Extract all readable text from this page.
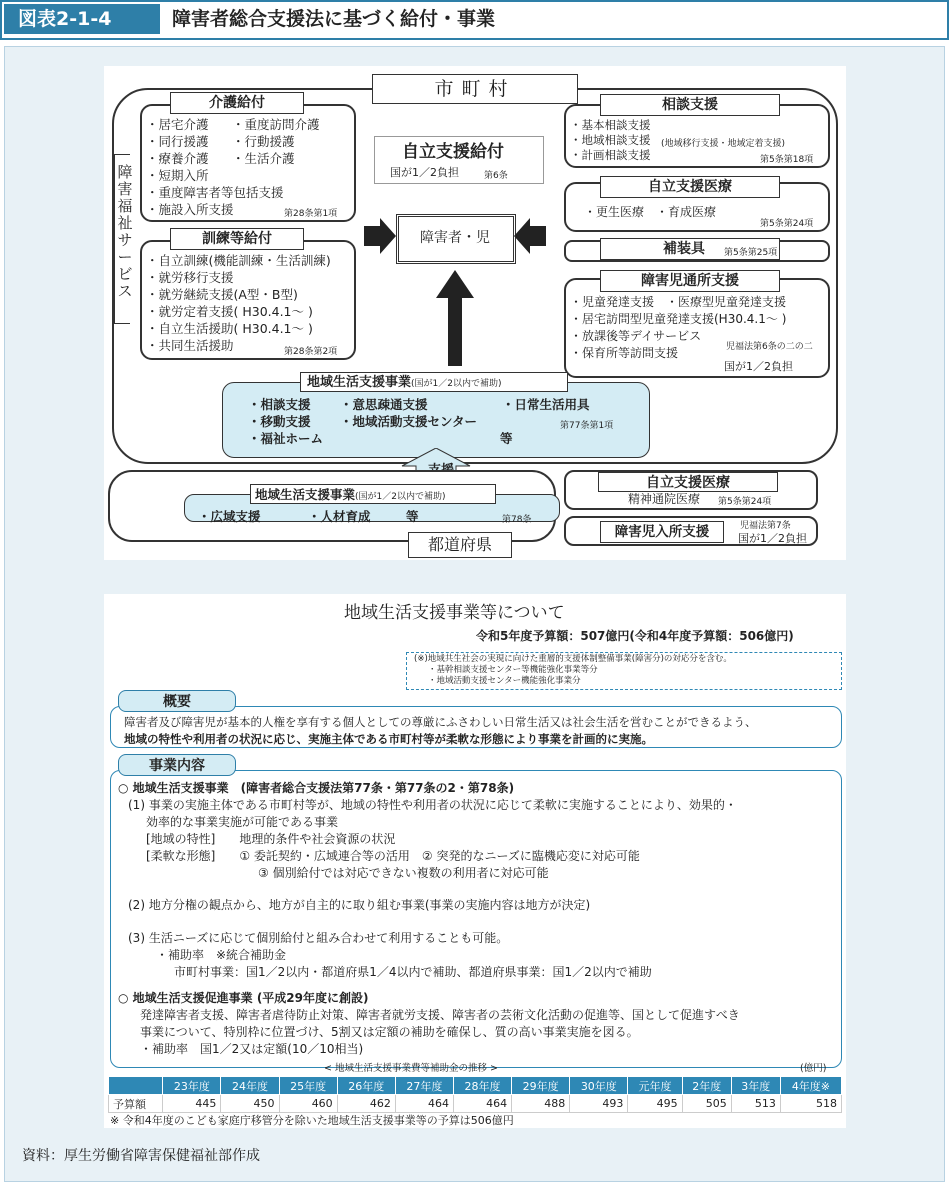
図表2-1-4	障害者総合支援法に基づく給付・事業
市町村
障害福祉サービス
介護給付
・居宅介護
・同行援護
・療養介護
・短期入所
・重度障害者等包括支援
・施設入所支援
・重度訪問介護
・行動援護
・生活介護
第28条第1項
訓練等給付
・自立訓練(機能訓練・生活訓練)
・就労移行支援
・就労継続支援(A型・B型)
・就労定着支援( H30.4.1～ )
・自立生活援助( H30.4.1～ )
・共同生活援助	第28条第2項
自立支援給付
国が1／2負担	第6条
障害者・児
相談支援
・基本相談支援
・地域相談支援 (地域移行支援・地域定着支援)
・計画相談支援	第5条第18項
自立支援医療
・更生医療　・育成医療
第5条第24項
補装具	第5条第25項
障害児通所支援
・児童発達支援　・医療型児童発達支援
・居宅訪問型児童発達支援(H30.4.1～ )
・放課後等デイサービス
・保育所等訪問支援	児福法第6条の二の二
国が1／2負担
地域生活支援事業(国が1／2以内で補助)
・相談支援
・移動支援
・福祉ホーム
・意思疎通支援
・地域活動支援センター
・日常生活用具
等
第77条第1項
地域生活支援事業(国が1／2以内で補助)
・広域支援	・人材育成	等	第78条
都道府県
自立支援医療
精神通院医療 第5条第24項
障害児入所支援	児福法第7条
国が1／2負担
地域生活支援事業等について
令和5年度予算額：507億円(令和4年度予算額：506億円)
(※)地域共生社会の実現に向けた重層的支援体制整備事業(障害分)の対応分を含む。
・基幹相談支援センター等機能強化事業等分
・地域活動支援センター機能強化事業分
概要
障害者及び障害児が基本的人権を享有する個人としての尊厳にふさわしい日常生活又は社会生活を営むことができるよう、
地域の特性や利用者の状況に応じ、実施主体である市町村等が柔軟な形態により事業を計画的に実施。
事業内容
○ 地域生活支援事業　(障害者総合支援法第77条・第77条の2・第78条)
(1) 事業の実施主体である市町村等が、地域の特性や利用者の状況に応じて柔軟に実施することにより、効果的・
効率的な事業実施が可能である事業
[地域の特性]　　地理的条件や社会資源の状況
[柔軟な形態]　　① 委託契約・広域連合等の活用　② 突発的なニーズに臨機応変に対応可能
③ 個別給付では対応できない複数の利用者に対応可能
(2) 地方分権の観点から、地方が自主的に取り組む事業(事業の実施内容は地方が決定)
(3) 生活ニーズに応じて個別給付と組み合わせて利用することも可能。
・補助率　※統合補助金
市町村事業：国1／2以内・都道府県1／4以内で補助、都道府県事業：国1／2以内で補助
○ 地域生活支援促進事業 (平成29年度に創設)
発達障害者支援、障害者虐待防止対策、障害者就労支援、障害者の芸術文化活動の促進等、国として促進すべき
事業について、特別枠に位置づけ、5割又は定額の補助を確保し、質の高い事業実施を図る。
・補助率　国1／2又は定額(10／10相当)
< 地域生活支援事業費等補助金の推移 >	(億円)
	23年度	24年度	25年度	26年度	27年度	28年度	29年度	30年度	元年度	2年度	3年度	4年度※
予算額	445	450	460	462	464	464	488	493	495	505	513	518
※ 令和4年度のこども家庭庁移管分を除いた地域生活支援事業等の予算は506億円
資料：厚生労働省障害保健福祉部作成
